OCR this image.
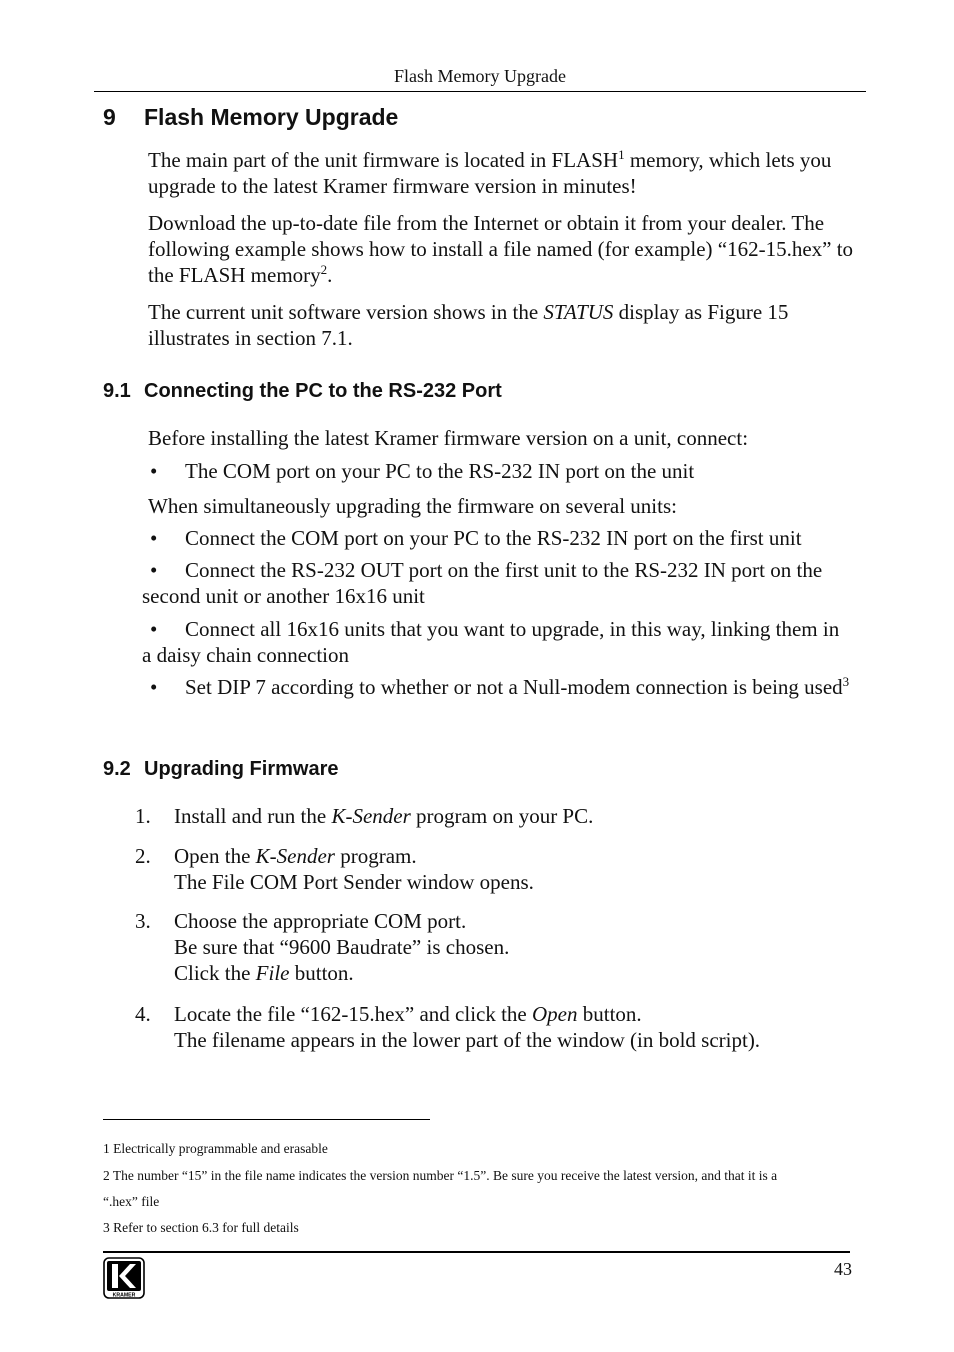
Flash Memory Upgrade
9 Flash Memory Upgrade

The main part of the unit firmware is located in FLASH$^1$ memory, which lets you upgrade to the latest Kramer firmware version in minutes!

Download the up-to-date file from the Internet or obtain it from your dealer. The following example shows how to install a file named (for example) “162-15.hex” to the FLASH memory$^2$.

The current unit software version shows in the STATUS display as Figure 15 illustrates in section 7.1.

9.1 Connecting the PC to the RS-232 Port
Before installing the latest Kramer firmware version on a unit, connect:
• The COM port on your PC to the RS-232 IN port on the unit
When simultaneously upgrading the firmware on several units:
• Connect the COM port on your PC to the RS-232 IN port on the first unit
• Connect the RS-232 OUT port on the first unit to the RS-232 IN port on the second unit or another 16x16 unit
• Connect all 16x16 units that you want to upgrade, in this way, linking them in a daisy chain connection
• Set DIP 7 according to whether or not a Null-modem connection is being used$^3$
9.2 Upgrading Firmware
1. Install and run the K-Sender program on your PC.
2. Open the K-Sender program.
The File COM Port Sender window opens.
3. Choose the appropriate COM port.
Be sure that “9600 Baudrate” is chosen.
Click the File button.
4. Locate the file “162-15.hex” and click the Open button.
The filename appears in the lower part of the window (in bold script).
1 Electrically programmable and erasable
2 The number “15” in the file name indicates the version number “1.5”. Be sure you receive the latest version, and that it is a
“.hex” file
3 Refer to section 6.3 for full details
43
KRAMER
